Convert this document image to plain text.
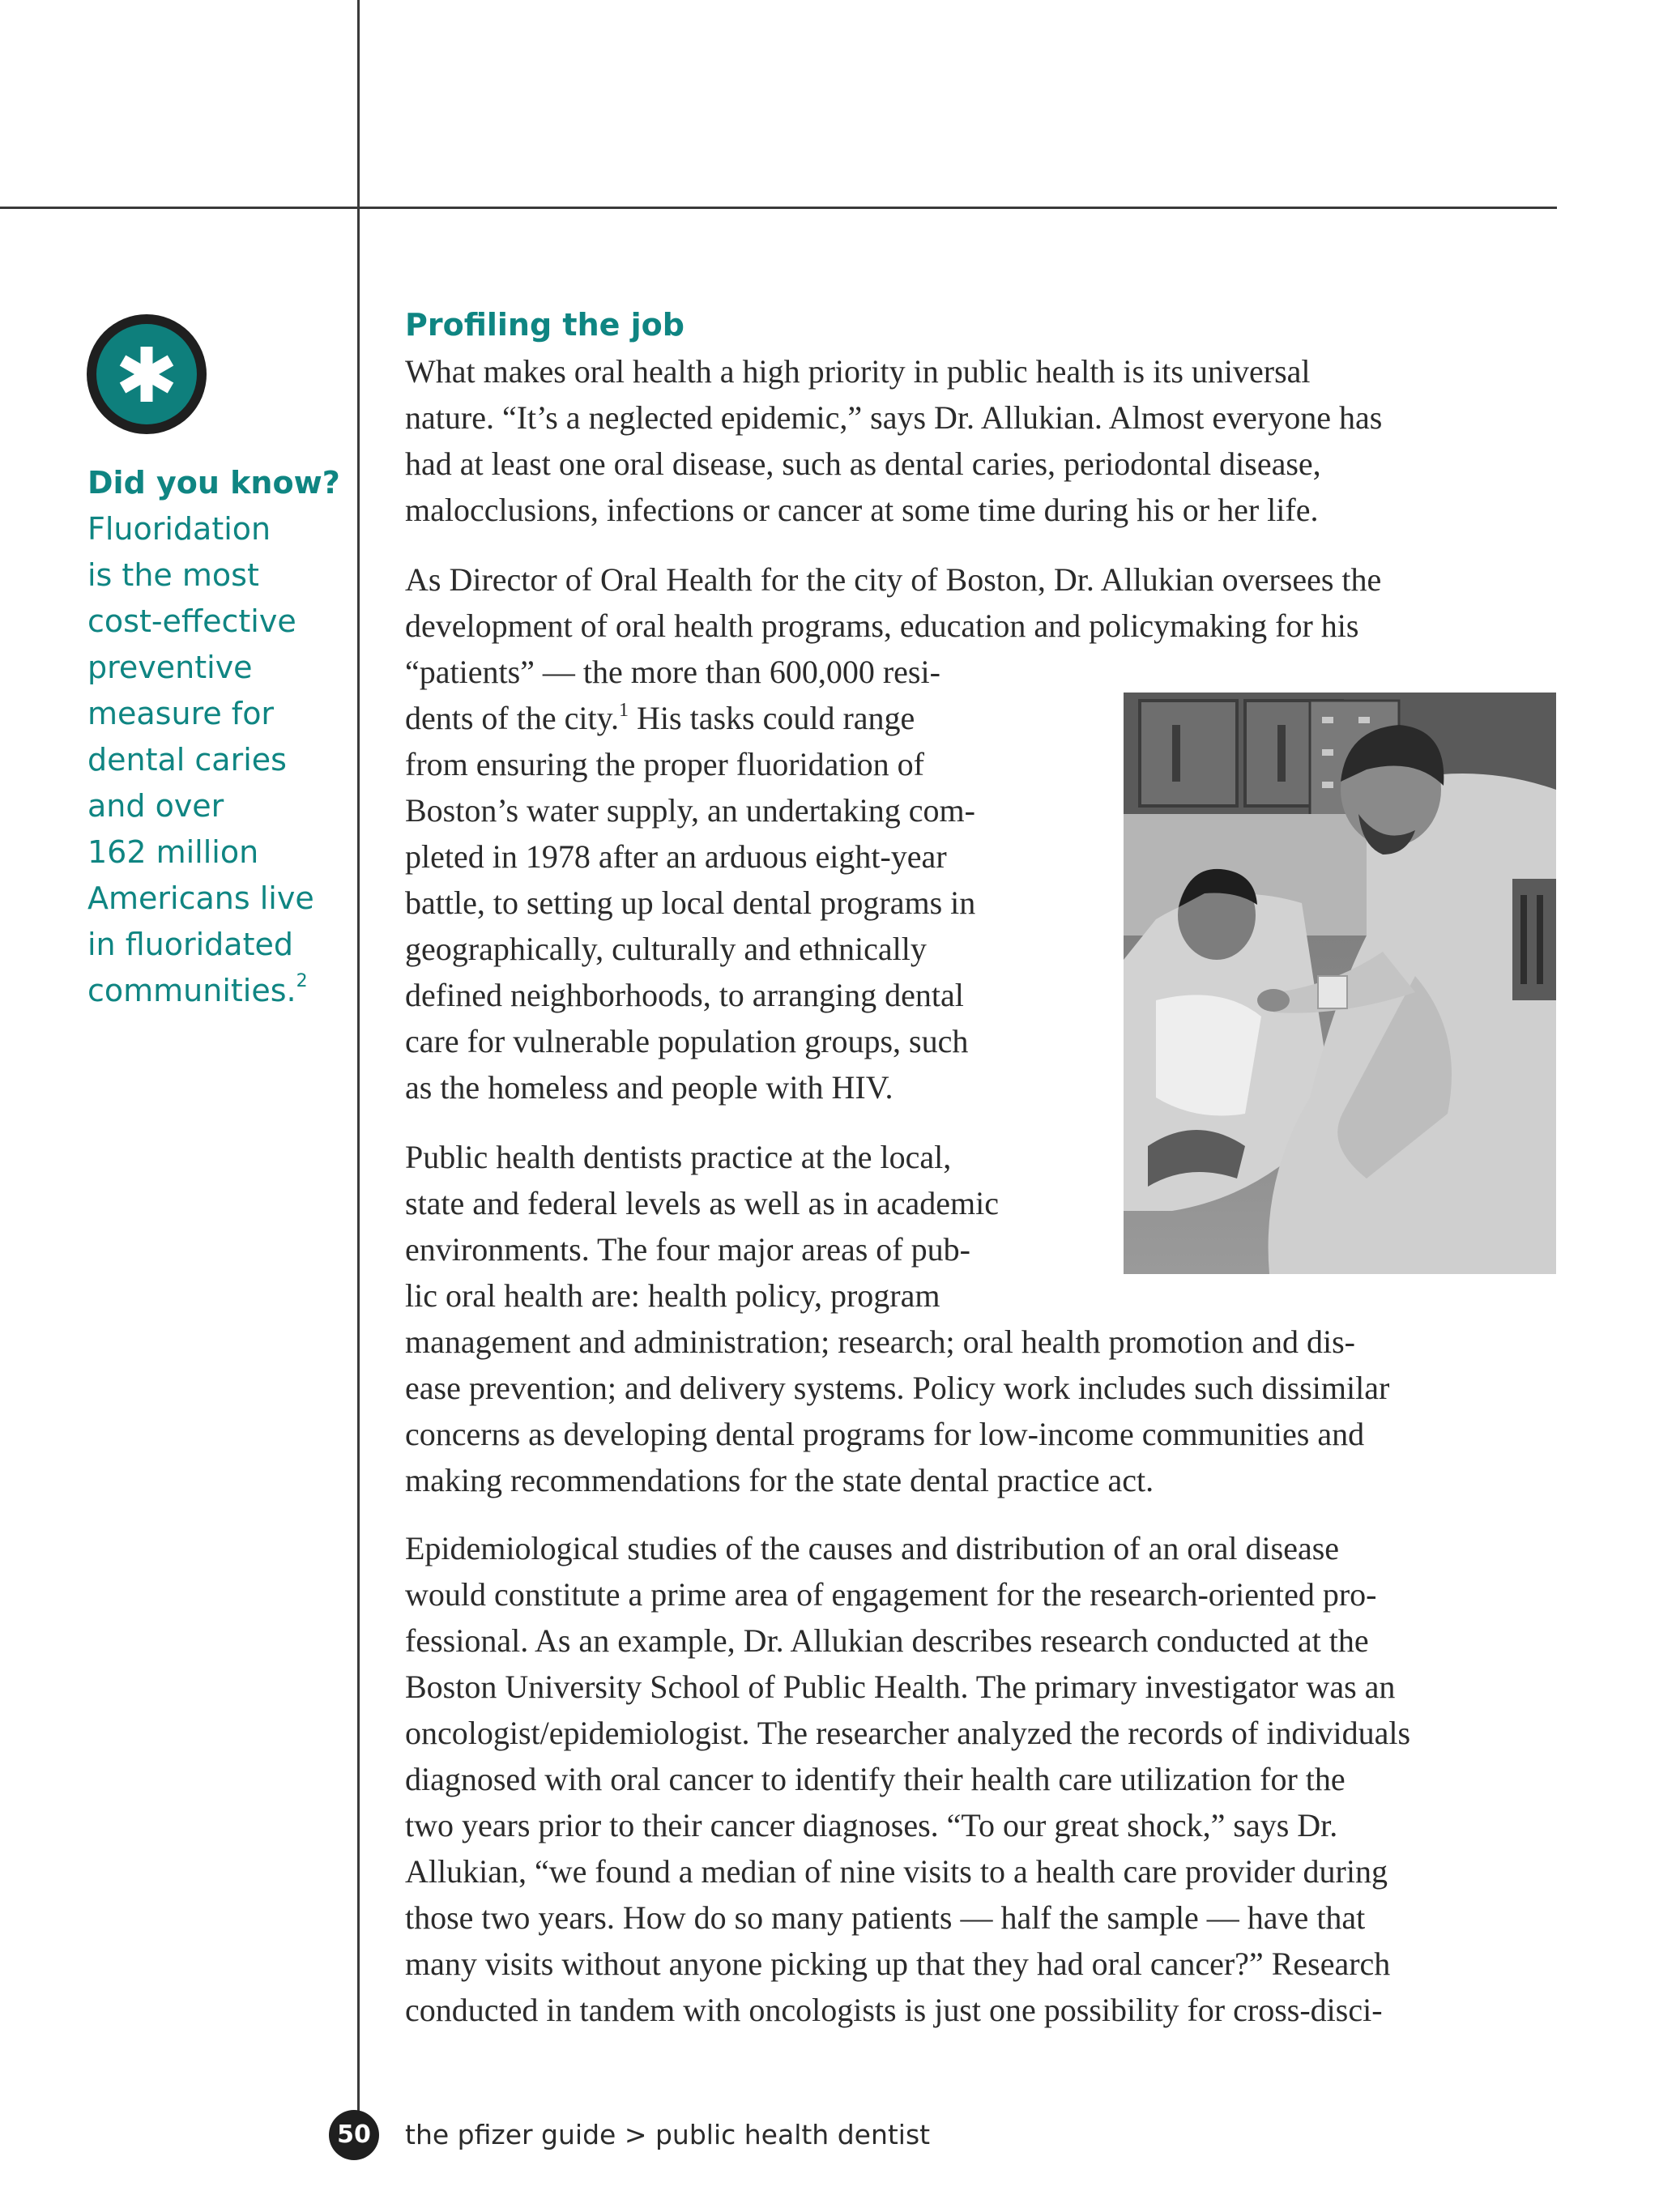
Did you know?
Fluoridation
is the most
cost-effective
preventive
measure for
dental caries
and over
162 million
Americans live
in fluoridated
communities.$^2$
Profiling the job
What makes oral health a high priority in public health is its universal
nature. “It’s a neglected epidemic,” says Dr. Allukian. Almost everyone has
had at least one oral disease, such as dental caries, periodontal disease,
malocclusions, infections or cancer at some time during his or her life.
As Director of Oral Health for the city of Boston, Dr. Allukian oversees the
development of oral health programs, education and policymaking for his
“patients” — the more than 600,000 resi-
dents of the city.$^1$ His tasks could range
from ensuring the proper fluoridation of
Boston’s water supply, an undertaking com-
pleted in 1978 after an arduous eight-year
battle, to setting up local dental programs in
geographically, culturally and ethnically
defined neighborhoods, to arranging dental
care for vulnerable population groups, such
as the homeless and people with HIV.
Public health dentists practice at the local,
state and federal levels as well as in academic
environments. The four major areas of pub-
lic oral health are: health policy, program
management and administration; research; oral health promotion and dis-
ease prevention; and delivery systems. Policy work includes such dissimilar
concerns as developing dental programs for low-income communities and
making recommendations for the state dental practice act.
Epidemiological studies of the causes and distribution of an oral disease
would constitute a prime area of engagement for the research-oriented pro-
fessional. As an example, Dr. Allukian describes research conducted at the
Boston University School of Public Health. The primary investigator was an
oncologist/epidemiologist. The researcher analyzed the records of individuals
diagnosed with oral cancer to identify their health care utilization for the
two years prior to their cancer diagnoses. “To our great shock,” says Dr.
Allukian, “we found a median of nine visits to a health care provider during
those two years. How do so many patients — half the sample — have that
many visits without anyone picking up that they had oral cancer?” Research
conducted in tandem with oncologists is just one possibility for cross-disci-
50	the pfizer guide > public health dentist
